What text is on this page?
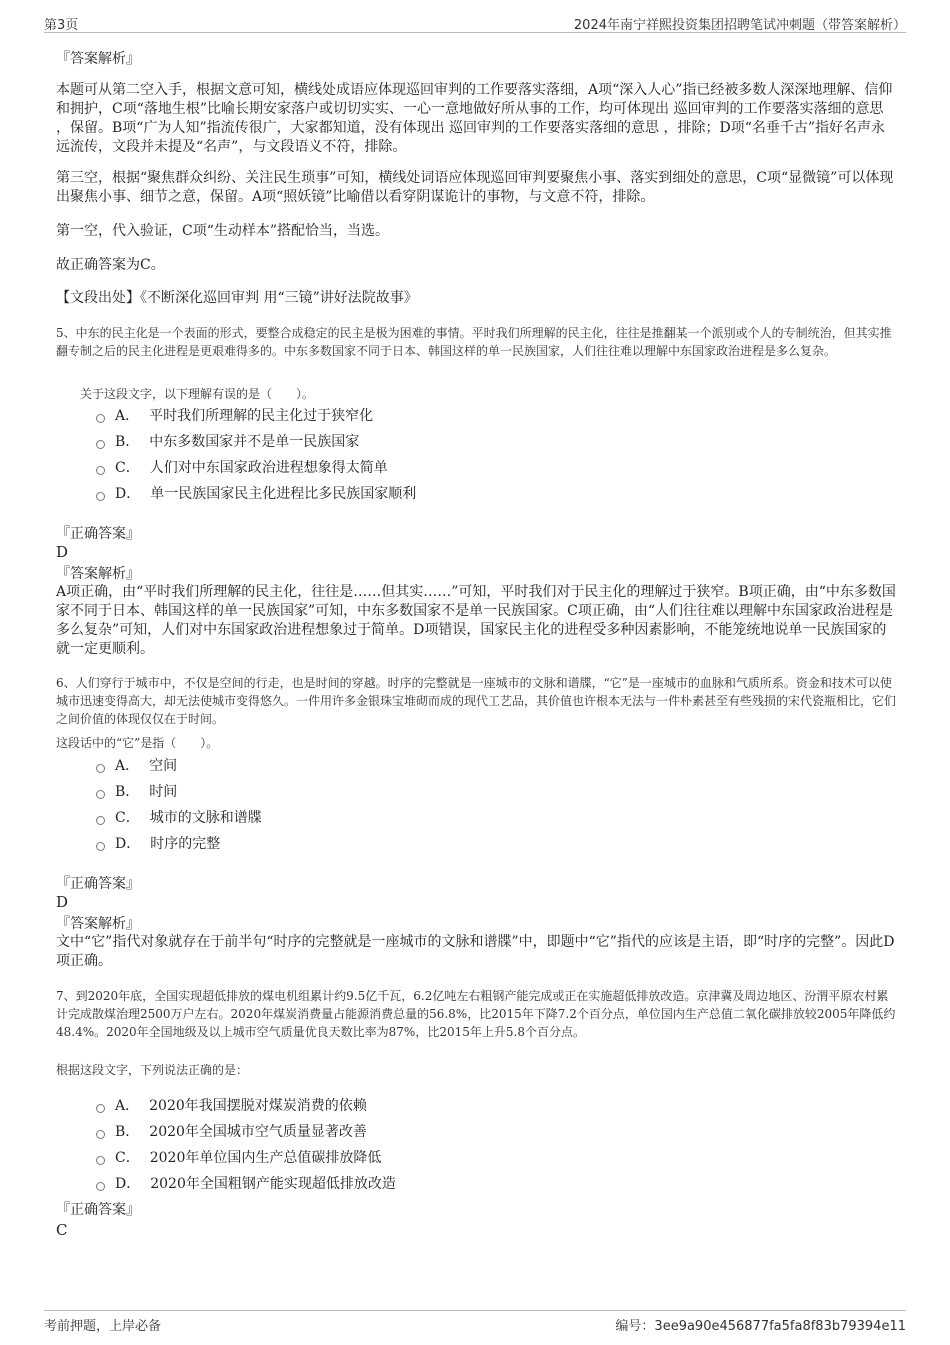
第3页	2024年南宁祥熙投资集团招聘笔试冲刺题（带答案解析）
『答案解析』
本题可从第二空入手，根据文意可知，横线处成语应体现巡回审判的工作要落实落细，A项“深入人心”指已经被多数人深深地理解、信仰和拥护，C项“落地生根”比喻长期安家落户或切切实实、一心一意地做好所从事的工作，均可体现出 巡回审判的工作要落实落细的意思 ，保留。B项“广为人知”指流传很广，大家都知道，没有体现出 巡回审判的工作要落实落细的意思 ，排除；D项“名垂千古”指好名声永远流传，文段并未提及“名声”，与文段语义不符，排除。
第三空，根据“聚焦群众纠纷、关注民生琐事”可知，横线处词语应体现巡回审判要聚焦小事、落实到细处的意思，C项“显微镜”可以体现出聚焦小事、细节之意，保留。A项“照妖镜”比喻借以看穿阴谋诡计的事物，与文意不符，排除。
第一空，代入验证，C项“生动样本”搭配恰当，当选。
故正确答案为C。
【文段出处】《不断深化巡回审判 用“三镜”讲好法院故事》
5、中东的民主化是一个表面的形式，要整合成稳定的民主是极为困难的事情。平时我们所理解的民主化，往往是推翻某一个派别或个人的专制统治，但其实推翻专制之后的民主化进程是更艰难得多的。中东多数国家不同于日本、韩国这样的单一民族国家，人们往往难以理解中东国家政治进程是多么复杂。
关于这段文字，以下理解有误的是（　　）。
A． 平时我们所理解的民主化过于狭窄化
B． 中东多数国家并不是单一民族国家
C． 人们对中东国家政治进程想象得太简单
D． 单一民族国家民主化进程比多民族国家顺利
『正确答案』
D
『答案解析』
A项正确，由“平时我们所理解的民主化，往往是……但其实……”可知，平时我们对于民主化的理解过于狭窄。B项正确，由“中东多数国家不同于日本、韩国这样的单一民族国家”可知，中东多数国家不是单一民族国家。C项正确，由“人们往往难以理解中东国家政治进程是多么复杂”可知，人们对中东国家政治进程想象过于简单。D项错误，国家民主化的进程受多种因素影响，不能笼统地说单一民族国家的就一定更顺利。
6、人们穿行于城市中，不仅是空间的行走，也是时间的穿越。时序的完整就是一座城市的文脉和谱牒，“它”是一座城市的血脉和气质所系。资金和技术可以使城市迅速变得高大，却无法使城市变得悠久。一件用许多金银珠宝堆砌而成的现代工艺品，其价值也许根本无法与一件朴素甚至有些残损的宋代瓷瓶相比，它们之间价值的体现仅仅在于时间。
这段话中的“它”是指（　　）。
A． 空间
B． 时间
C． 城市的文脉和谱牒
D． 时序的完整
『正确答案』
D
『答案解析』
文中“它”指代对象就存在于前半句“时序的完整就是一座城市的文脉和谱牒”中，即题中“它”指代的应该是主语，即“时序的完整”。因此D项正确。
7、到2020年底，全国实现超低排放的煤电机组累计约9.5亿千瓦，6.2亿吨左右粗钢产能完成或正在实施超低排放改造。京津冀及周边地区、汾渭平原农村累计完成散煤治理2500万户左右。2020年煤炭消费量占能源消费总量的56.8%，比2015年下降7.2个百分点，单位国内生产总值二氧化碳排放较2005年降低约48.4%。2020年全国地级及以上城市空气质量优良天数比率为87%，比2015年上升5.8个百分点。
根据这段文字，下列说法正确的是：
A． 2020年我国摆脱对煤炭消费的依赖
B． 2020年全国城市空气质量显著改善
C． 2020年单位国内生产总值碳排放降低
D． 2020年全国粗钢产能实现超低排放改造
『正确答案』
C
考前押题，上岸必备	编号：3ee9a90e456877fa5fa8f83b79394e11
